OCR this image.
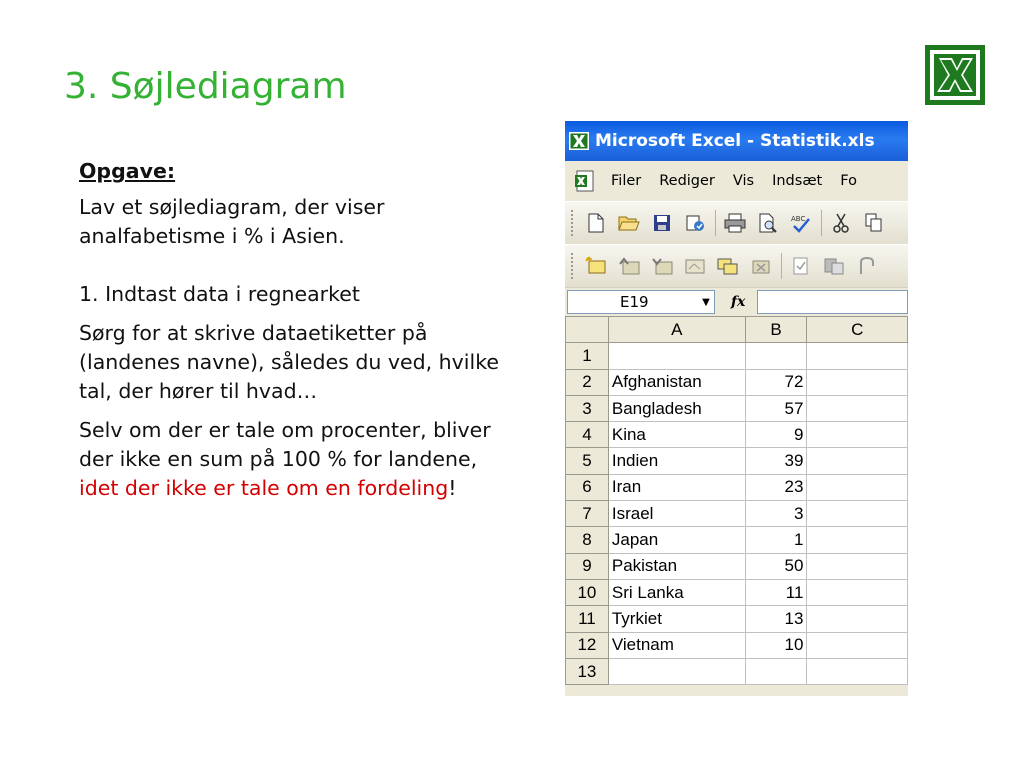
3. Søjlediagram

Opgave:

Lav et søjlediagram, der viser analfabetisme i % i Asien.

1. Indtast data i regnearket

Sørg for at skrive dataetiketter på (landenes navne), således du ved, hvilke tal, der hører til hvad…

Selv om der er tale om procenter, bliver der ikke en sum på 100 % for landene, idet der ikke er tale om en fordeling!

Microsoft Excel - Statistik.xls
Filer Rediger Vis Indsæt Fo
ABC
E19	▼ fx
	A	B	C
1			
2	Afghanistan	72	
3	Bangladesh	57	
4	Kina	9	
5	Indien	39	
6	Iran	23	
7	Israel	3	
8	Japan	1	
9	Pakistan	50	
10	Sri Lanka	11	
11	Tyrkiet	13	
12	Vietnam	10	
13			
